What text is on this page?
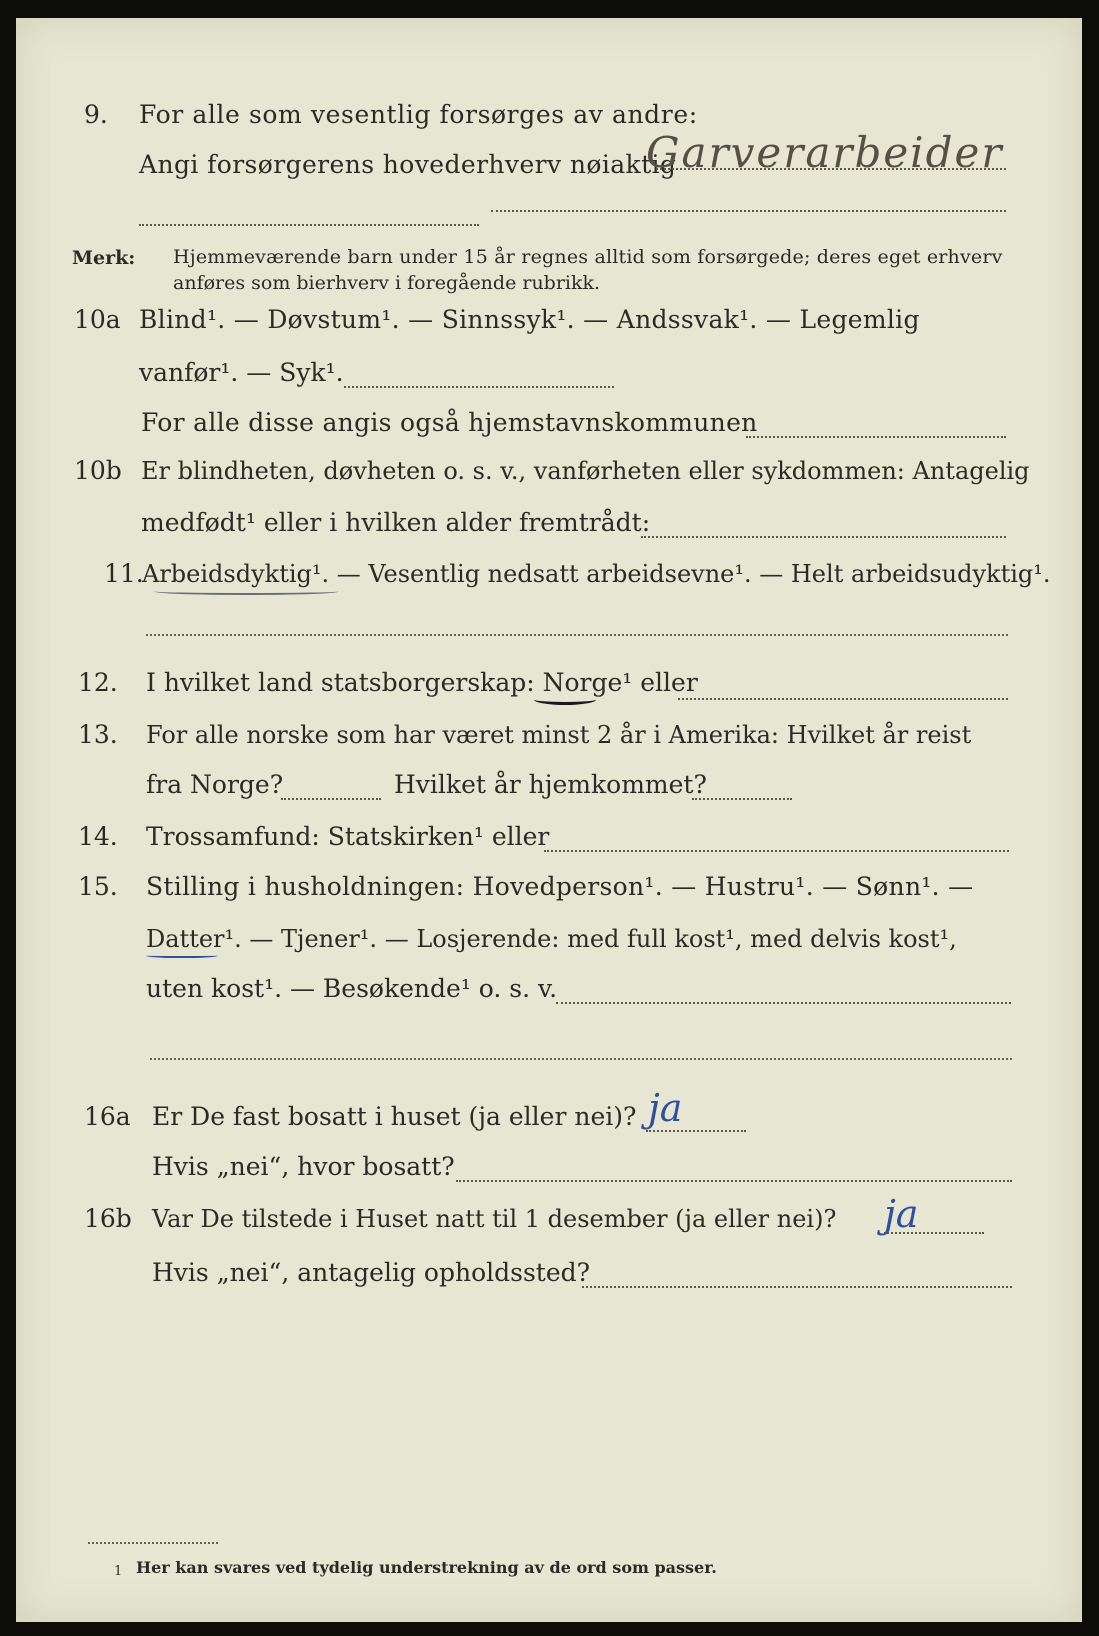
9. For alle som vesentlig forsørges av andre:
Angi forsørgerens hovederhverv nøiaktig
Garverarbeider
Merk: Hjemmeværende barn under 15 år regnes alltid som forsørgede; deres eget erhverv
anføres som bierhverv i foregående rubrikk.
10a Blind¹. — Døvstum¹. — Sinnssyk¹. — Andssvak¹. — Legemlig
vanfør¹. — Syk¹.
For alle disse angis også hjemstavnskommunen
10b Er blindheten, døvheten o. s. v., vanførheten eller sykdommen: Antagelig
medfødt¹ eller i hvilken alder fremtrådt:
11.
Arbeidsdyktig¹. — Vesentlig nedsatt arbeidsevne¹. — Helt arbeidsudyktig¹.
12. I hvilket land statsborgerskap: Norge¹ eller
13. For alle norske som har været minst 2 år i Amerika: Hvilket år reist
fra Norge?	Hvilket år hjemkommet?
14. Trossamfund: Statskirken¹ eller
15. Stilling i husholdningen: Hovedperson¹. — Hustru¹. — Sønn¹. —
Datter¹. — Tjener¹. — Losjerende: med full kost¹, med delvis kost¹,
uten kost¹. — Besøkende¹ o. s. v.
16a Er De fast bosatt i huset (ja eller nei)? ja
Hvis „nei“, hvor bosatt?
16b Var De tilstede i Huset natt til 1 desember (ja eller nei)? ja
Hvis „nei“, antagelig opholdssted?
1 Her kan svares ved tydelig understrekning av de ord som passer.
